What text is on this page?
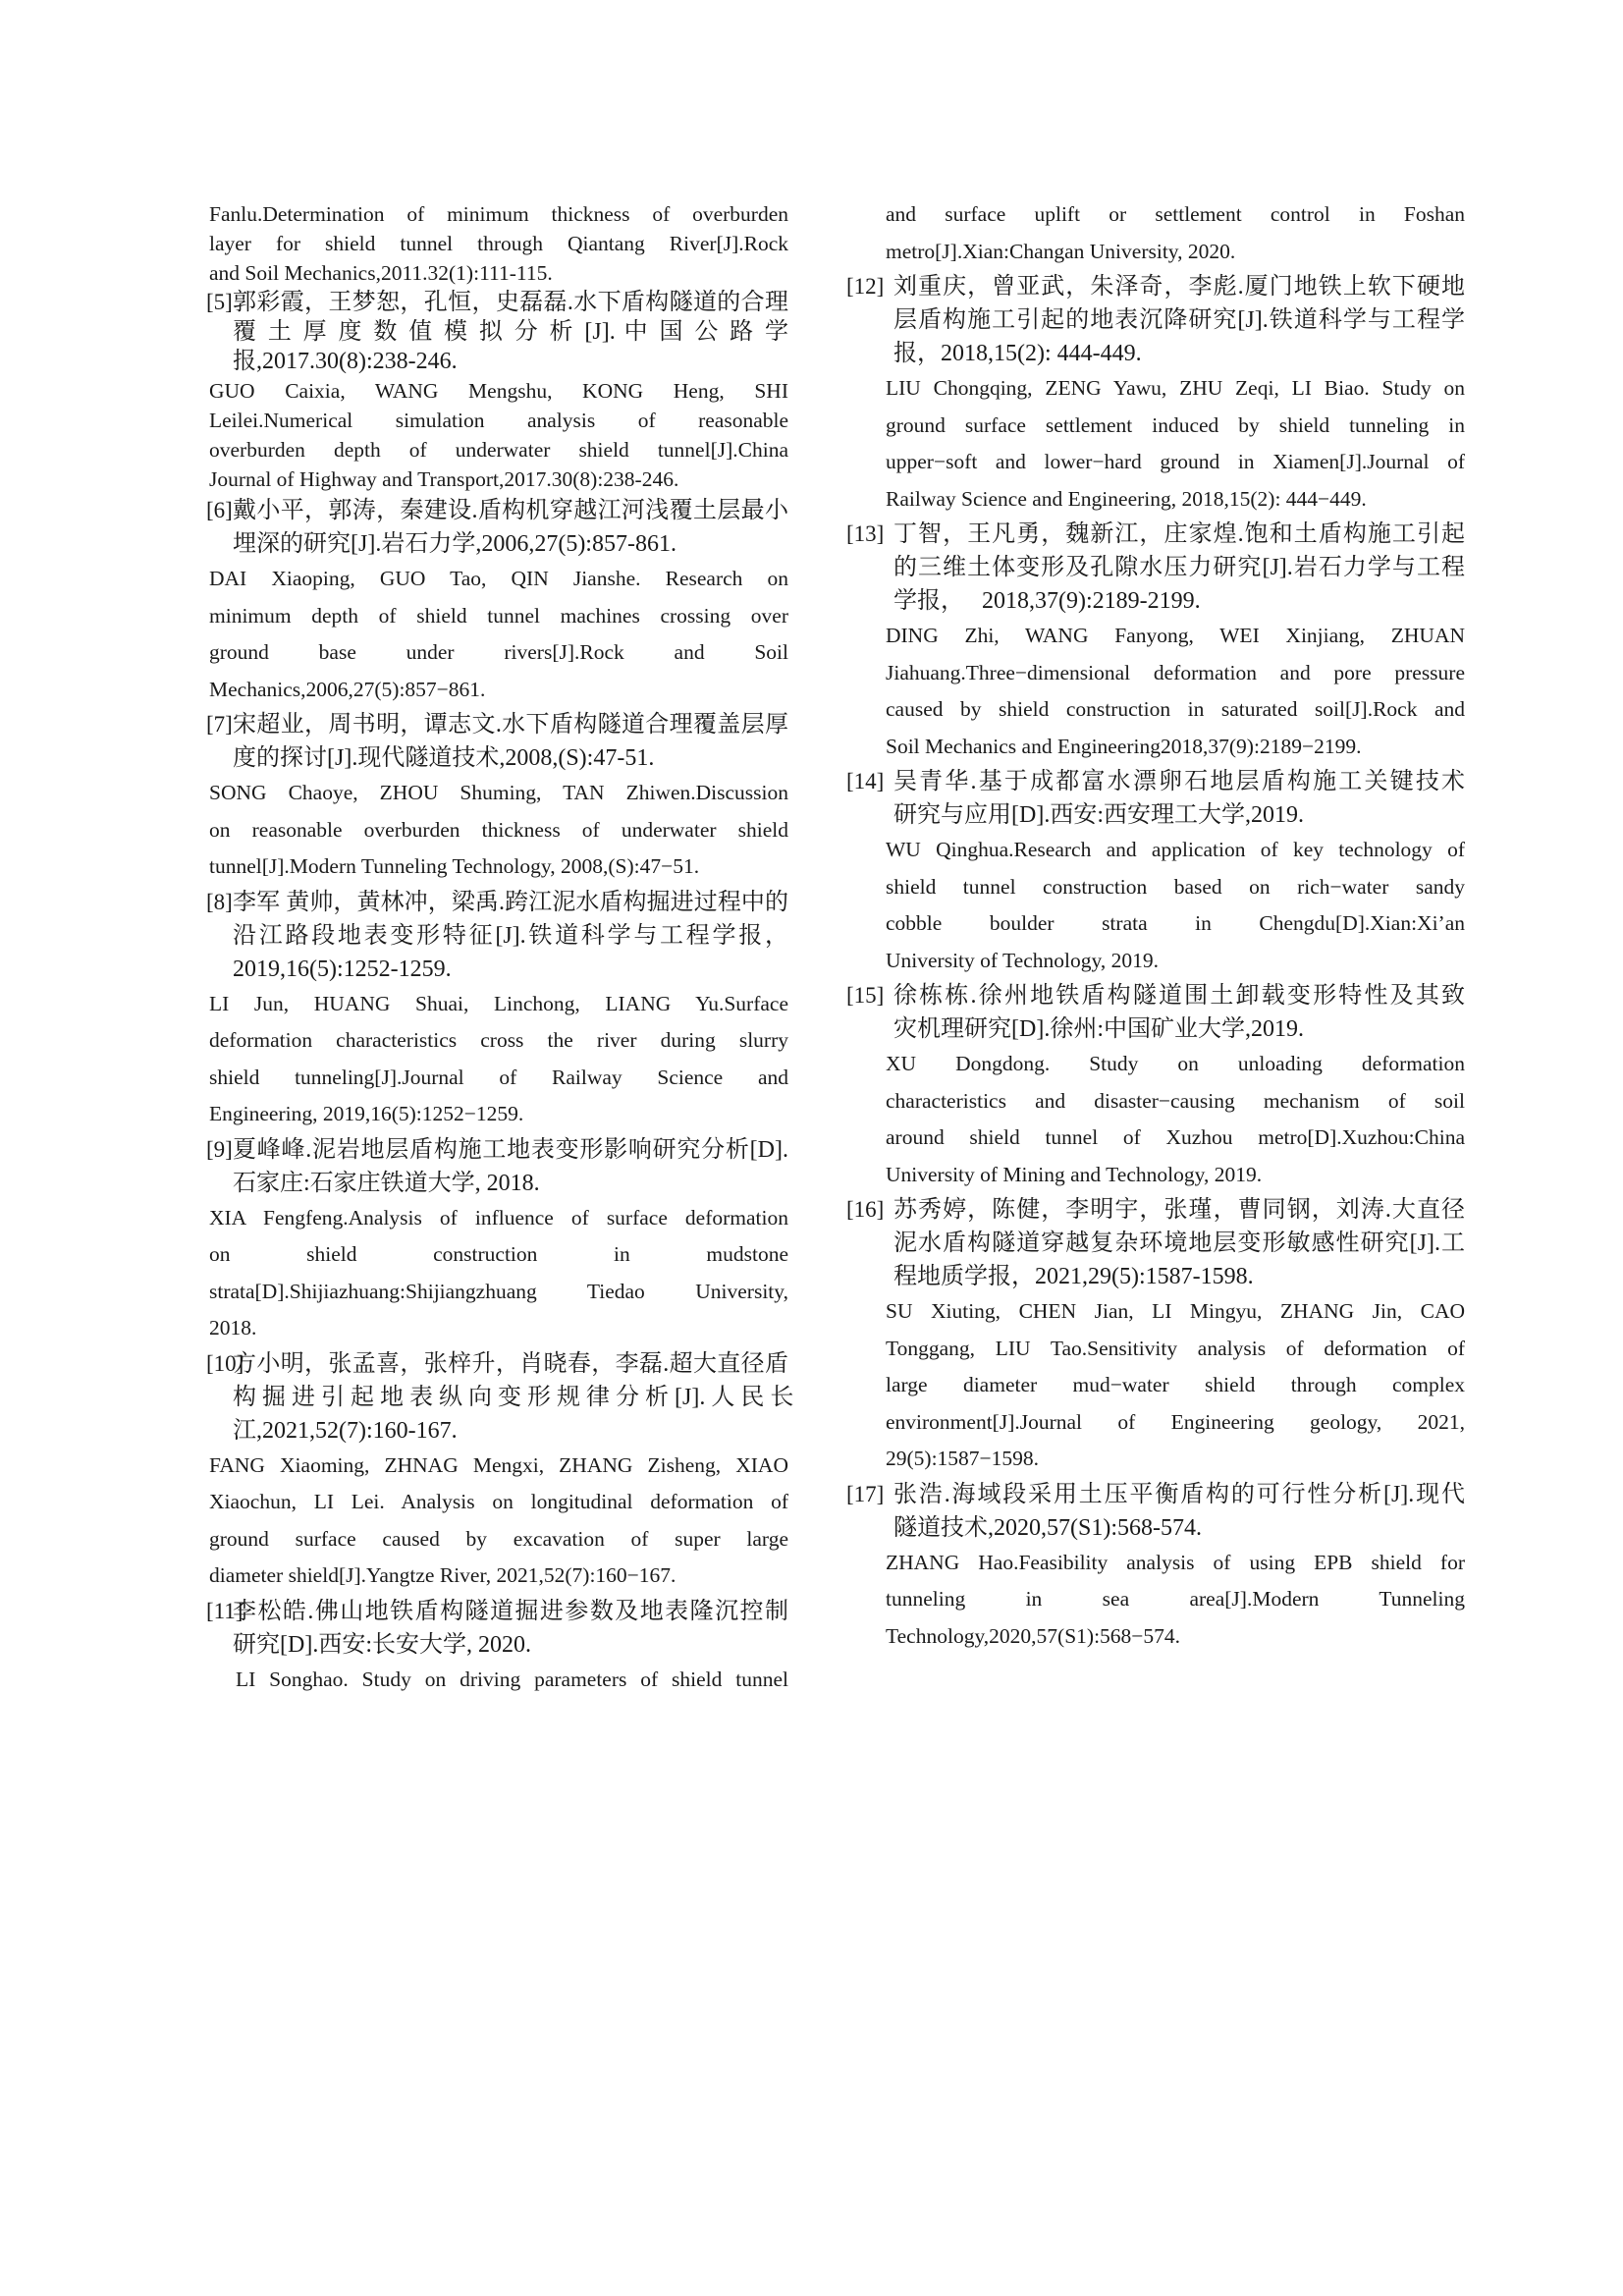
Fanlu.Determination of minimum thickness of overburden
layer for shield tunnel through Qiantang River[J].Rock
and Soil Mechanics,2011.32(1):111-115.
[5] 郭彩霞，王梦恕，孔恒，史磊磊.水下盾构隧道的合理
覆 土 厚 度 数 值 模 拟 分 析 [J]. 中 国 公 路 学
报,2017.30(8):238-246.
GUO Caixia, WANG Mengshu, KONG Heng, SHI
Leilei.Numerical simulation analysis of reasonable
overburden depth of underwater shield tunnel[J].China
Journal of Highway and Transport,2017.30(8):238-246.
[6] 戴小平，郭涛，秦建设.盾构机穿越江河浅覆土层最小
埋深的研究[J].岩石力学,2006,27(5):857-861.
DAI Xiaoping, GUO Tao, QIN Jianshe. Research on
minimum depth of shield tunnel machines crossing over
ground base under rivers[J].Rock and Soil
Mechanics,2006,27(5):857−861.
[7] 宋超业，周书明，谭志文.水下盾构隧道合理覆盖层厚
度的探讨[J].现代隧道技术,2008,(S):47-51.
SONG Chaoye, ZHOU Shuming, TAN Zhiwen.Discussion
on reasonable overburden thickness of underwater shield
tunnel[J].Modern Tunneling Technology, 2008,(S):47−51.
[8] 李军 黄帅，黄林冲，梁禹.跨江泥水盾构掘进过程中的
沿江路段地表变形特征[J].铁道科学与工程学报，
2019,16(5):1252-1259.
LI Jun, HUANG Shuai, Linchong, LIANG Yu.Surface
deformation characteristics cross the river during slurry
shield tunneling[J].Journal of Railway Science and
Engineering, 2019,16(5):1252−1259.
[9] 夏峰峰.泥岩地层盾构施工地表变形影响研究分析[D].
石家庄:石家庄铁道大学, 2018.
XIA Fengfeng.Analysis of influence of surface deformation
on shield construction in mudstone
strata[D].Shijiazhuang:Shijiangzhuang Tiedao University,
2018.
[10]
方小明，张孟喜，张梓升，肖晓春，李磊.超大直径盾
构 掘 进 引 起 地 表 纵 向 变 形 规 律 分 析 [J]. 人 民 长
江,2021,52(7):160-167.
FANG Xiaoming, ZHNAG Mengxi, ZHANG Zisheng, XIAO
Xiaochun, LI Lei. Analysis on longitudinal deformation of
ground surface caused by excavation of super large
diameter shield[J].Yangtze River, 2021,52(7):160−167.
[11]
李松皓.佛山地铁盾构隧道掘进参数及地表隆沉控制
研究[D].西安:长安大学, 2020.
LI Songhao. Study on driving parameters of shield tunnel
and surface uplift or settlement control in Foshan
metro[J].Xian:Changan University, 2020.
[12] 刘重庆，曾亚武，朱泽奇，李彪.厦门地铁上软下硬地
层盾构施工引起的地表沉降研究[J].铁道科学与工程学
报，2018,15(2): 444-449.
LIU Chongqing, ZENG Yawu, ZHU Zeqi, LI Biao. Study on
ground surface settlement induced by shield tunneling in
upper−soft and lower−hard ground in Xiamen[J].Journal of
Railway Science and Engineering, 2018,15(2): 444−449.
[13] 丁智，王凡勇，魏新江，庄家煌.饱和土盾构施工引起
的三维土体变形及孔隙水压力研究[J].岩石力学与工程
学报，　 2018,37(9):2189-2199.
DING Zhi, WANG Fanyong, WEI Xinjiang, ZHUAN
Jiahuang.Three−dimensional deformation and pore pressure
caused by shield construction in saturated soil[J].Rock and
Soil Mechanics and Engineering2018,37(9):2189−2199.
[14] 吴青华.基于成都富水漂卵石地层盾构施工关键技术
研究与应用[D].西安:西安理工大学,2019.
WU Qinghua.Research and application of key technology of
shield tunnel construction based on rich−water sandy
cobble boulder strata in Chengdu[D].Xian:Xi’an
University of Technology, 2019.
[15] 徐栋栋.徐州地铁盾构隧道围土卸载变形特性及其致
灾机理研究[D].徐州:中国矿业大学,2019.
XU Dongdong. Study on unloading deformation
characteristics and disaster−causing mechanism of soil
around shield tunnel of Xuzhou metro[D].Xuzhou:China
University of Mining and Technology, 2019.
[16] 苏秀婷，陈健，李明宇，张瑾，曹同钢，刘涛.大直径
泥水盾构隧道穿越复杂环境地层变形敏感性研究[J].工
程地质学报，2021,29(5):1587-1598.
SU Xiuting, CHEN Jian, LI Mingyu, ZHANG Jin, CAO
Tonggang, LIU Tao.Sensitivity analysis of deformation of
large diameter mud−water shield through complex
environment[J].Journal of Engineering geology, 2021,
29(5):1587−1598.
[17] 张浩.海域段采用土压平衡盾构的可行性分析[J].现代
隧道技术,2020,57(S1):568-574.
ZHANG Hao.Feasibility analysis of using EPB shield for
tunneling in sea area[J].Modern Tunneling
Technology,2020,57(S1):568−574.
